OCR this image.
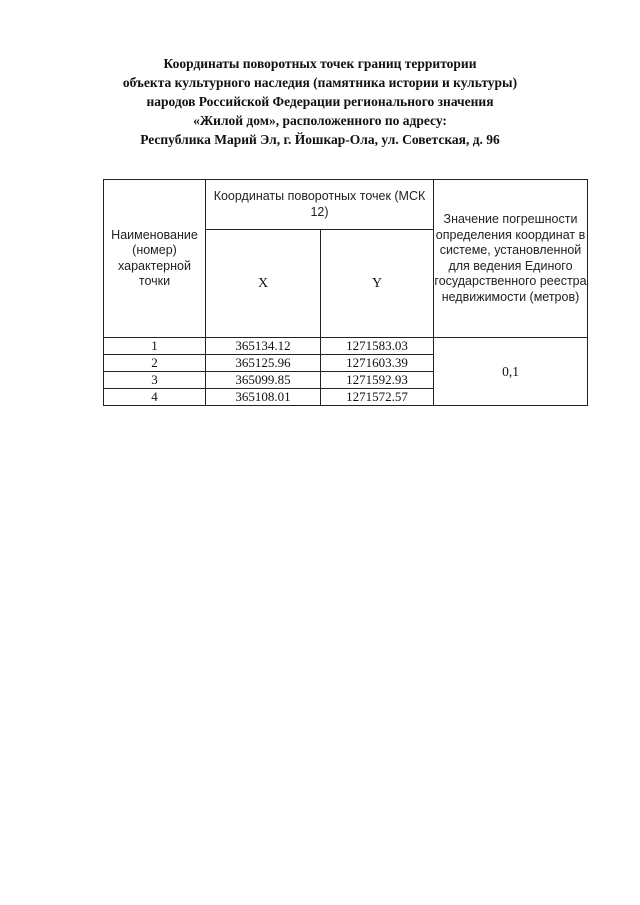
Координаты поворотных точек границ территории
объекта культурного наследия (памятника истории и культуры)
народов Российской Федерации регионального значения
«Жилой дом», расположенного по адресу:
Республика Марий Эл, г. Йошкар-Ола, ул. Советская, д. 96
Наименование (номер) характерной точки	Координаты поворотных точек (МСК 12)		Значение погрешности определения координат в системе, установленной для ведения Единого государственного реестра недвижимости (метров)
	X	Y	
1	365134.12	1271583.03	0,1
2	365125.96	1271603.39	
3	365099.85	1271592.93	
4	365108.01	1271572.57	
